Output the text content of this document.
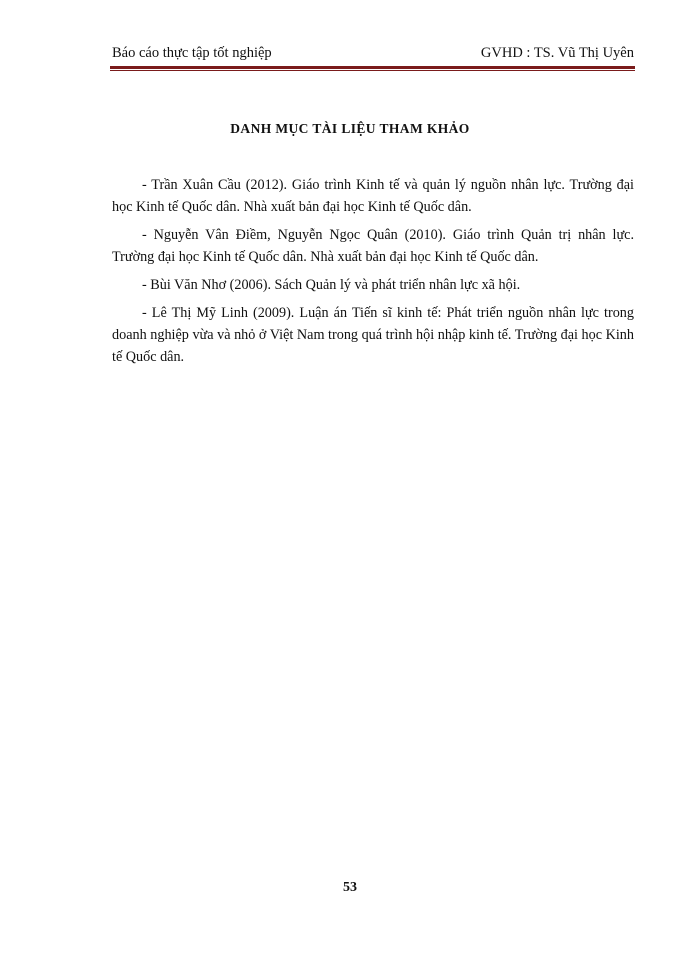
Báo cáo thực tập tốt nghiệp	GVHD : TS. Vũ Thị Uyên
DANH MỤC TÀI LIỆU THAM KHẢO

- Trần Xuân Cầu (2012). Giáo trình Kinh tế và quản lý nguồn nhân lực. Trường đại học Kinh tế Quốc dân. Nhà xuất bản đại học Kinh tế Quốc dân.

- Nguyễn Vân Điềm, Nguyễn Ngọc Quân (2010). Giáo trình Quản trị nhân lực. Trường đại học Kinh tế Quốc dân. Nhà xuất bản đại học Kinh tế Quốc dân.

- Bùi Văn Nhơ (2006). Sách Quản lý và phát triển nhân lực xã hội.

- Lê Thị Mỹ Linh (2009). Luận án Tiến sĩ kinh tế: Phát triển nguồn nhân lực trong doanh nghiệp vừa và nhỏ ở Việt Nam trong quá trình hội nhập kinh tế. Trường đại học Kinh tế Quốc dân.

53
